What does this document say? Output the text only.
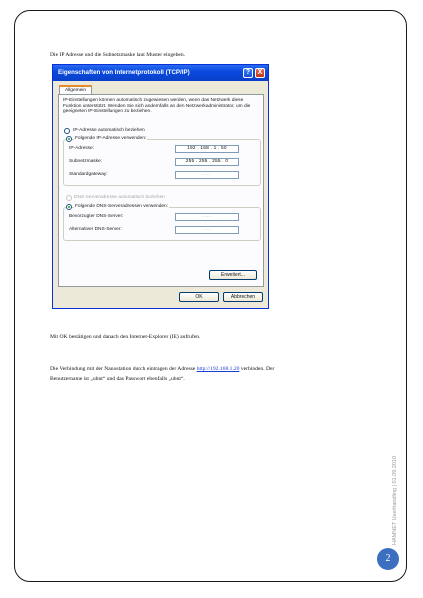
Die IP Adresse und die Subnetzmaske laut Muster eingeben.
Eigenschaften von Internetprotokoll (TCP/IP)	?	X
Allgemein
IP-Einstellungen können automatisch zugewiesen werden, wenn das Netzwerk diese Funktion unterstützt. Wenden Sie sich andernfalls an den Netzwerkadministrator, um die geeigneten IP-Einstellungen zu beziehen.
IP-Adresse automatisch beziehen
Folgende IP-Adresse verwenden:
IP-Adresse:	192 . 168 . 1 . 50
Subnetzmaske:	255 . 255 . 255 . 0
Standardgateway:	. . .
DNS-Serveradresse automatisch beziehen
Folgende DNS-Serveradressen verwenden:
Bevorzugter DNS-Server:	. . .
Alternativer DNS-Server:	. . .
Erweitert...
OK	Abbrechen
Mit OK bestätigen und danach den Internet-Explorer (IE) aufrufen.
Die Verbindung mit der Nanostation durch eintragen der Adresse http://192.168.1.20 verbinden. Der
Benutzername ist „ubnt“ und das Passwort ebenfalls „ubnt“.
HAMNET Userhandling | 01.09.2010
2
